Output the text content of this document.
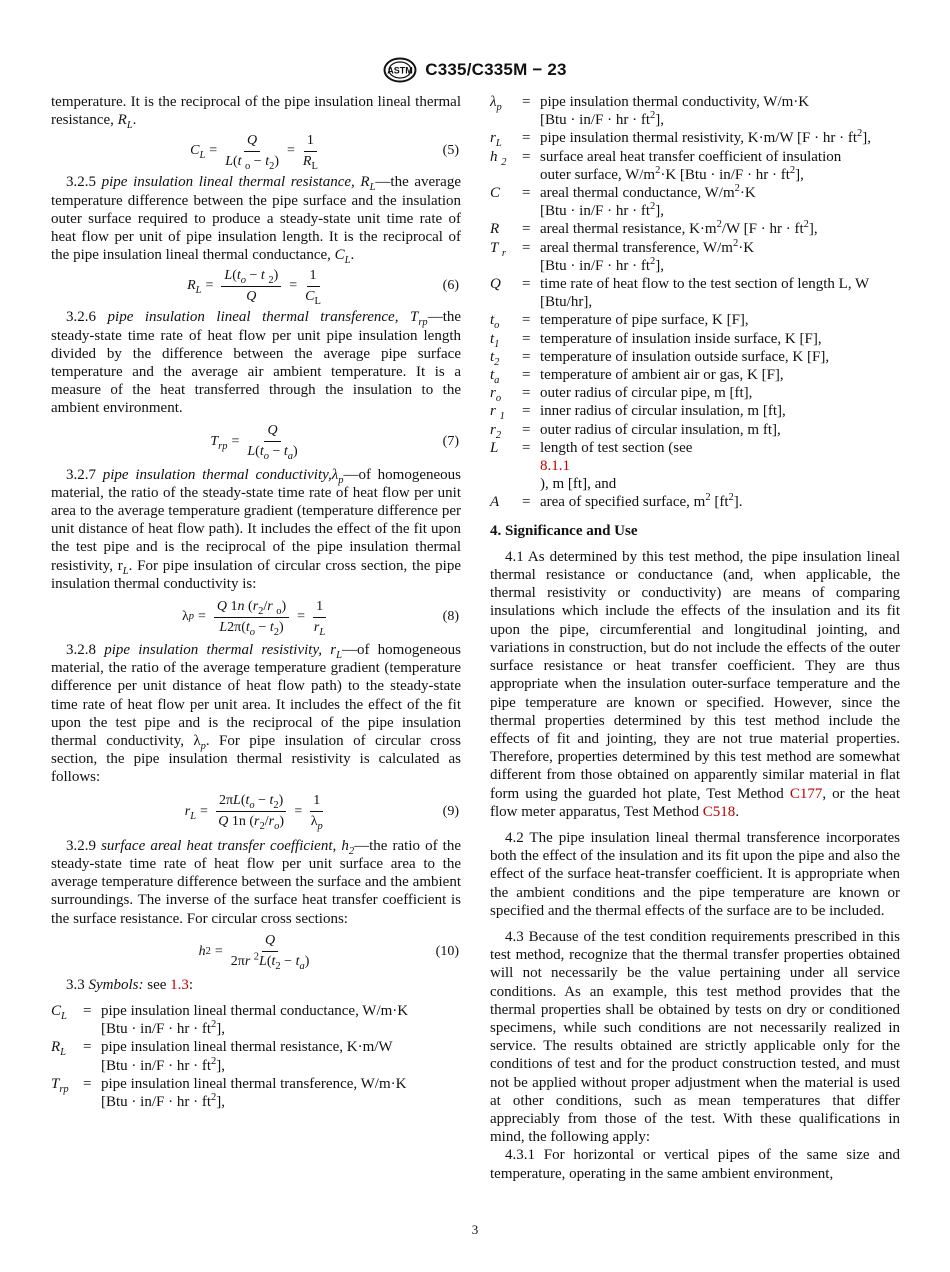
ASTM C335/C335M − 23

temperature. It is the reciprocal of the pipe insulation lineal thermal resistance, $R_L$.

$C_L = \frac{Q}{L(t _o - t_2)} = \frac{1}{R_L}$	(5)

3.2.5 pipe insulation lineal thermal resistance, $R_L—the$ average temperature difference between the pipe surface and the insulation outer surface required to produce a steady-state unit time rate of heat flow per unit of pipe insulation length. It is the reciprocal of the pipe insulation lineal thermal conductance, $C_L$.

$R_L = \frac{L(t_o - t _2)}{Q} = \frac{1}{C_L}$	(6)

3.2.6 pipe insulation lineal thermal transference, $T_{rp}—the$ steady-state time rate of heat flow per unit pipe insulation length divided by the difference between the average pipe surface temperature and the average air ambient temperature. It is a measure of the heat transferred through the insulation to the ambient environment.

$T_{rp} = \frac{Q}{L(t_o - t_a)}$	(7)

3.2.7 pipe insulation thermal $conductivity,\lambda_p—of$ homogeneous material, the ratio of the steady-state time rate of heat flow per unit area to the average temperature gradient (temperature difference per unit distance of heat flow path). It includes the effect of the fit upon the test pipe and is the reciprocal of the pipe insulation thermal resistivity, $r_L$. For pipe insulation of circular cross section, the pipe insulation thermal conductivity is:

λ $p = \frac{Q 1n (r_2/r _o)}{L2\pi(t_o - t_2)} = \frac{1}{r_L}$	(8)

3.2.8 pipe insulation thermal resistivity, $r_L—of$ homogeneous material, the ratio of the average temperature gradient (temperature difference per unit distance of heat flow path) to the steady-state time rate of heat flow per unit area. It includes the effect of the fit upon the test pipe and is the reciprocal of the pipe insulation thermal conductivity, $\lambda_p$. For pipe insulation of circular cross section, the pipe insulation thermal resistivity is calculated as follows:

$r_L = \frac{2\pi L(t_o - t_2)}{Q 1n (r_2/r_o)} = \frac{1}{\lambda_p}$	(9)

3.2.9 surface areal heat transfer coefficient, $h_2—the$ ratio of the steady-state time rate of heat flow per unit surface area to the average temperature difference between the surface and the ambient surroundings. The inverse of the surface heat transfer coefficient is the surface resistance. For circular cross sections:

h $2 = \frac{Q}{2\pi r ^2L(t_2 - t_a)}$	(10)

3.3 Symbols: see 1.3:

$C_L$	= pipe insulation lineal thermal conductance, W/m·K
[Btu · in/F · hr · $ft^2$],
$R_L$	= pipe insulation lineal thermal resistance, K·m/W
[Btu · in/F · hr · $ft^2$],
$T_{rp}$ = pipe insulation lineal thermal transference, W/m·K
[Btu · in/F · hr · $ft^2$],
$\lambda_p$	= pipe insulation thermal conductivity, W/m·K
[Btu · in/F · hr · $ft^2$],
$r_L$	= pipe insulation thermal resistivity, K·m/W [F · hr · $ft^2$],
h $_2$	= surface areal heat transfer coefficient of insulation
outer surface, $W/m^2\cdot K$ [Btu · in/F · hr · $ft^2$],
C	= areal thermal conductance, $W/m^2\cdot K$
[Btu · in/F · hr · $ft^2$],
R	= areal thermal resistance, $K\cdot m^2/W$ [F · hr · $ft^2$],
T $_r$	= areal thermal transference, $W/m^2\cdot K$
[Btu · in/F · hr · $ft^2$],
Q	= time rate of heat flow to the test section of length L, W
[Btu/hr],
$t_o$	= temperature of pipe surface, K [F],
$t_1$	= temperature of insulation inside surface, K [F],
$t_2$	= temperature of insulation outside surface, K [F],
$t_a$	= temperature of ambient air or gas, K [F],
$r_o$	= outer radius of circular pipe, m [ft],
r $_1$	= inner radius of circular insulation, m [ft],
$r_2$	= outer radius of circular insulation, m ft],
L	= length of test section (see
8.1.1
), m [ft], and
A	= area of specified surface, $m^2$ $[ft^2]$.
4. Significance and Use

4.1 As determined by this test method, the pipe insulation lineal thermal resistance or conductance (and, when applicable, the thermal resistivity or conductivity) are means of comparing insulations which include the effects of the insulation and its fit upon the pipe, circumferential and longitudinal jointing, and variations in construction, but do not include the effects of the outer surface resistance or heat transfer coefficient. They are thus appropriate when the insulation outer-surface temperature and the pipe temperature are known or specified. However, since the thermal properties determined by this test method include the effects of fit and jointing, they are not true material properties. Therefore, properties determined by this test method are somewhat different from those obtained on apparently similar material in flat form using the guarded hot plate, Test Method C177, or the heat flow meter apparatus, Test Method C518.

4.2 The pipe insulation lineal thermal transference incorporates both the effect of the insulation and its fit upon the pipe and also the effect of the surface heat-transfer coefficient. It is appropriate when the ambient conditions and the pipe temperature are known or specified and the thermal effects of the surface are to be included.

4.3 Because of the test condition requirements prescribed in this test method, recognize that the thermal transfer properties obtained will not necessarily be the value pertaining under all service conditions. As an example, this test method provides that the thermal properties shall be obtained by tests on dry or conditioned specimens, while such conditions are not necessarily realized in service. The results obtained are strictly applicable only for the conditions of test and for the product construction tested, and must not be applied without proper adjustment when the material is used at other conditions, such as mean temperatures that differ appreciably from those of the test. With these qualifications in mind, the following apply:

4.3.1 For horizontal or vertical pipes of the same size and temperature, operating in the same ambient environment,

3
